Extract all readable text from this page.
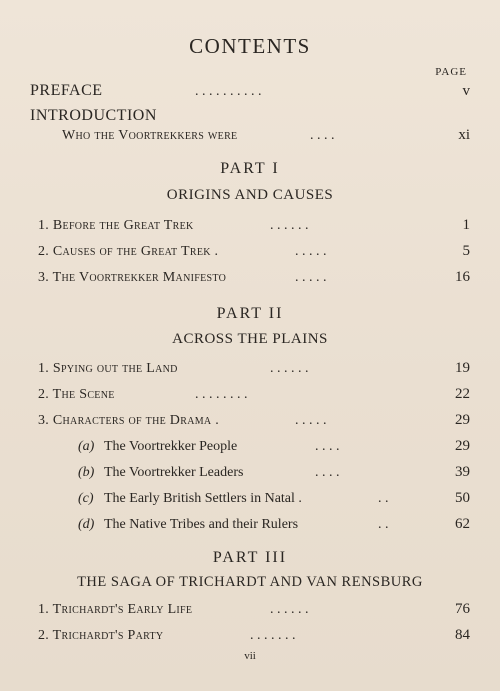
CONTENTS
PAGE
PREFACE	. . . . . . . . . .	v
INTRODUCTION
Who the Voortrekkers were	. . . .	xi
PART I
ORIGINS AND CAUSES
1. Before the Great Trek	. . . . . .	1
2. Causes of the Great Trek .	. . . . .	5
3. The Voortrekker Manifesto	. . . . .	16
PART II
ACROSS THE PLAINS
1. Spying out the Land	. . . . . .	19
2. The Scene	. . . . . . . .	22
3. Characters of the Drama .	. . . . .	29
(a) The Voortrekker People	. . . .	29
(b) The Voortrekker Leaders	. . . .	39
(c) The Early British Settlers in Natal .	. .	50
(d) The Native Tribes and their Rulers	. .	62
PART III
THE SAGA OF TRICHARDT AND VAN RENSBURG
1. Trichardt's Early Life	. . . . . .	76
2. Trichardt's Party	. . . . . . .	84
vii
